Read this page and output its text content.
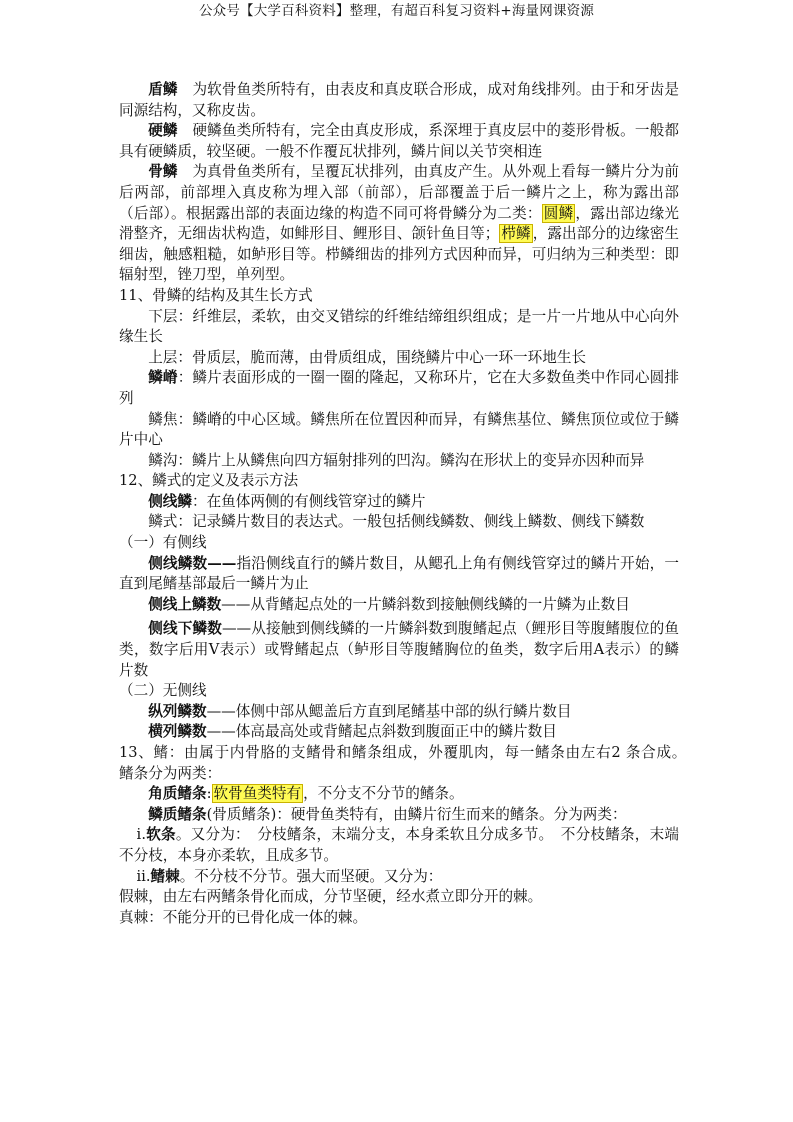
公众号【大学百科资料】整理，有超百科复习资料+海量网课资源

盾鳞　 为软骨鱼类所特有，由表皮和真皮联合形成，成对角线排列。由于和牙齿是同源结构，又称皮齿。

硬鳞　 硬鳞鱼类所特有，完全由真皮形成，系深埋于真皮层中的菱形骨板。一般都具有硬鳞质，较坚硬。一般不作覆瓦状排列，鳞片间以关节突相连

骨鳞　 为真骨鱼类所有，呈覆瓦状排列，由真皮产生。从外观上看每一鳞片分为前后两部，前部埋入真皮称为埋入部（前部），后部覆盖于后一鳞片之上，称为露出部（后部）。根据露出部的表面边缘的构造不同可将骨鳞分为二类： 圆鳞 ，露出部边缘光滑整齐，无细齿状构造，如鲱形目、鲤形目、颌针鱼目等； 栉鳞 ，露出部分的边缘密生细齿，触感粗糙，如鲈形目等。栉鳞细齿的排列方式因种而异，可归纳为三种类型：即辐射型，锉刀型，单列型。

11、骨鳞的结构及其生长方式

下层：纤维层，柔软，由交叉错综的纤维结缔组织组成；是一片一片地从中心向外缘生长

上层：骨质层，脆而薄，由骨质组成，围绕鳞片中心一环一环地生长

鳞嵴：鳞片表面形成的一圈一圈的隆起，又称环片，它在大多数鱼类中作同心圆排列

鳞焦：鳞嵴的中心区域。鳞焦所在位置因种而异，有鳞焦基位、鳞焦顶位或位于鳞片中心

鳞沟：鳞片上从鳞焦向四方辐射排列的凹沟。鳞沟在形状上的变异亦因种而异

12、鳞式的定义及表示方法

侧线鳞：在鱼体两侧的有侧线管穿过的鳞片

鳞式：记录鳞片数目的表达式。一般包括侧线鳞数、侧线上鳞数、侧线下鳞数

（一）有侧线

侧线鳞数——指沿侧线直行的鳞片数目，从鳃孔上角有侧线管穿过的鳞片开始，一直到尾鳍基部最后一鳞片为止

侧线上鳞数——从背鳍起点处的一片鳞斜数到接触侧线鳞的一片鳞为止数目

侧线下鳞数——从接触到侧线鳞的一片鳞斜数到腹鳍起点（鲤形目等腹鳍腹位的鱼类，数字后用Ⅴ表示）或臀鳍起点（鲈形目等腹鳍胸位的鱼类，数字后用A表示）的鳞片数

（二）无侧线

纵列鳞数——体侧中部从鳃盖后方直到尾鳍基中部的纵行鳞片数目

横列鳞数——体高最高处或背鳍起点斜数到腹面正中的鳞片数目

13、鳍：由属于内骨胳的支鳍骨和鳍条组成，外覆肌肉，每一鳍条由左右2 条合成。　鳍条分为两类：

角质鳍条: 软骨鱼类特有 ，不分支不分节的鳍条。

鳞质鳍条(骨质鳍条)：硬骨鱼类特有，由鳞片衍生而来的鳍条。分为两类：

ⅰ.软条。又分为：　分枝鳍条，末端分支，本身柔软且分成多节。　不分枝鳍条，末端不分枝，本身亦柔软，且成多节。

ⅱ.鳍棘。不分枝不分节。强大而坚硬。又分为：

假棘，由左右两鳍条骨化而成，分节坚硬，经水煮立即分开的棘。

真棘：不能分开的已骨化成一体的棘。
